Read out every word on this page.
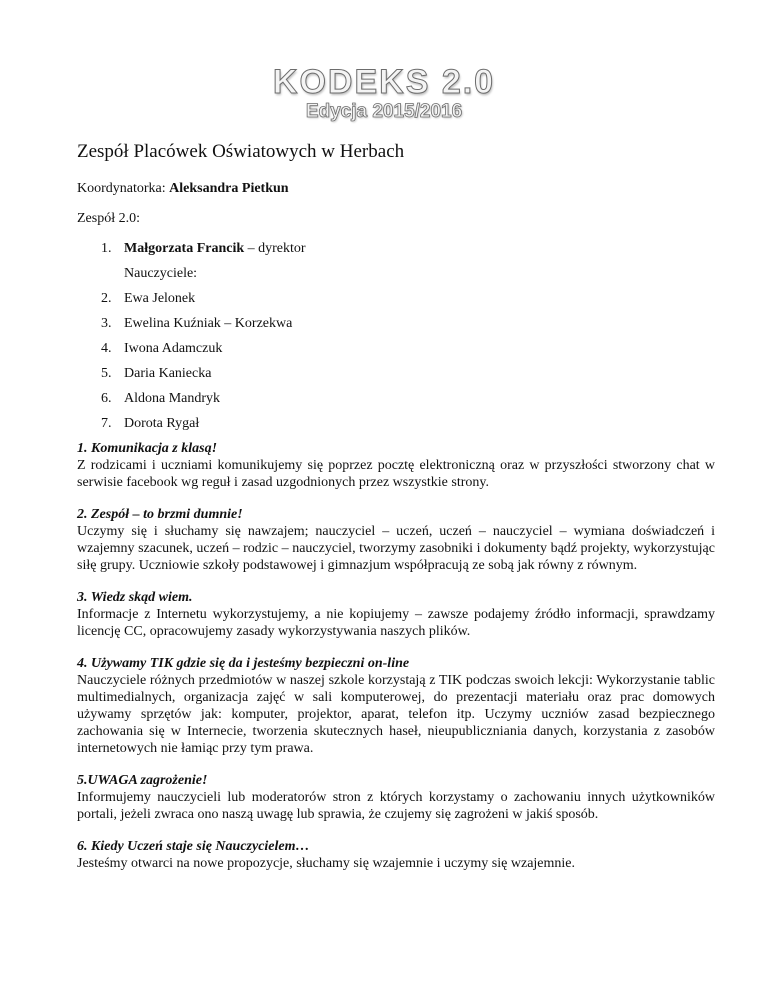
KODEKS 2.0
Edycja 2015/2016
Zespół Placówek Oświatowych w Herbach
Koordynatorka: Aleksandra Pietkun
Zespół 2.0:
1. Małgorzata Francik – dyrektor
Nauczyciele:
2. Ewa Jelonek
3. Ewelina Kuźniak – Korzekwa
4. Iwona Adamczuk
5. Daria Kaniecka
6. Aldona Mandryk
7. Dorota Rygał
1. Komunikacja z klasą!

Z rodzicami i uczniami komunikujemy się poprzez pocztę elektroniczną oraz w przyszłości stworzony chat w serwisie facebook wg reguł i zasad uzgodnionych przez wszystkie strony.

2. Zespół – to brzmi dumnie!

Uczymy się i słuchamy się nawzajem; nauczyciel – uczeń, uczeń – nauczyciel – wymiana doświadczeń i wzajemny szacunek, uczeń – rodzic – nauczyciel, tworzymy zasobniki i dokumenty bądź projekty, wykorzystując siłę grupy. Uczniowie szkoły podstawowej i gimnazjum współpracują ze sobą jak równy z równym.

3. Wiedz skąd wiem.

Informacje z Internetu wykorzystujemy, a nie kopiujemy – zawsze podajemy źródło informacji, sprawdzamy licencję CC, opracowujemy zasady wykorzystywania naszych plików.

4. Używamy TIK gdzie się da i jesteśmy bezpieczni on-line

Nauczyciele różnych przedmiotów w naszej szkole korzystają z TIK podczas swoich lekcji: Wykorzystanie tablic multimedialnych, organizacja zajęć w sali komputerowej, do prezentacji materiału oraz prac domowych używamy sprzętów jak: komputer, projektor, aparat, telefon itp. Uczymy uczniów zasad bezpiecznego zachowania się w Internecie, tworzenia skutecznych haseł, nieupubliczniania danych, korzystania z zasobów internetowych nie łamiąc przy tym prawa.

5.UWAGA zagrożenie!

Informujemy nauczycieli lub moderatorów stron z których korzystamy o zachowaniu innych użytkowników portali, jeżeli zwraca ono naszą uwagę lub sprawia, że czujemy się zagrożeni w jakiś sposób.

6. Kiedy Uczeń staje się Nauczycielem…

Jesteśmy otwarci na nowe propozycje, słuchamy się wzajemnie i uczymy się wzajemnie.
